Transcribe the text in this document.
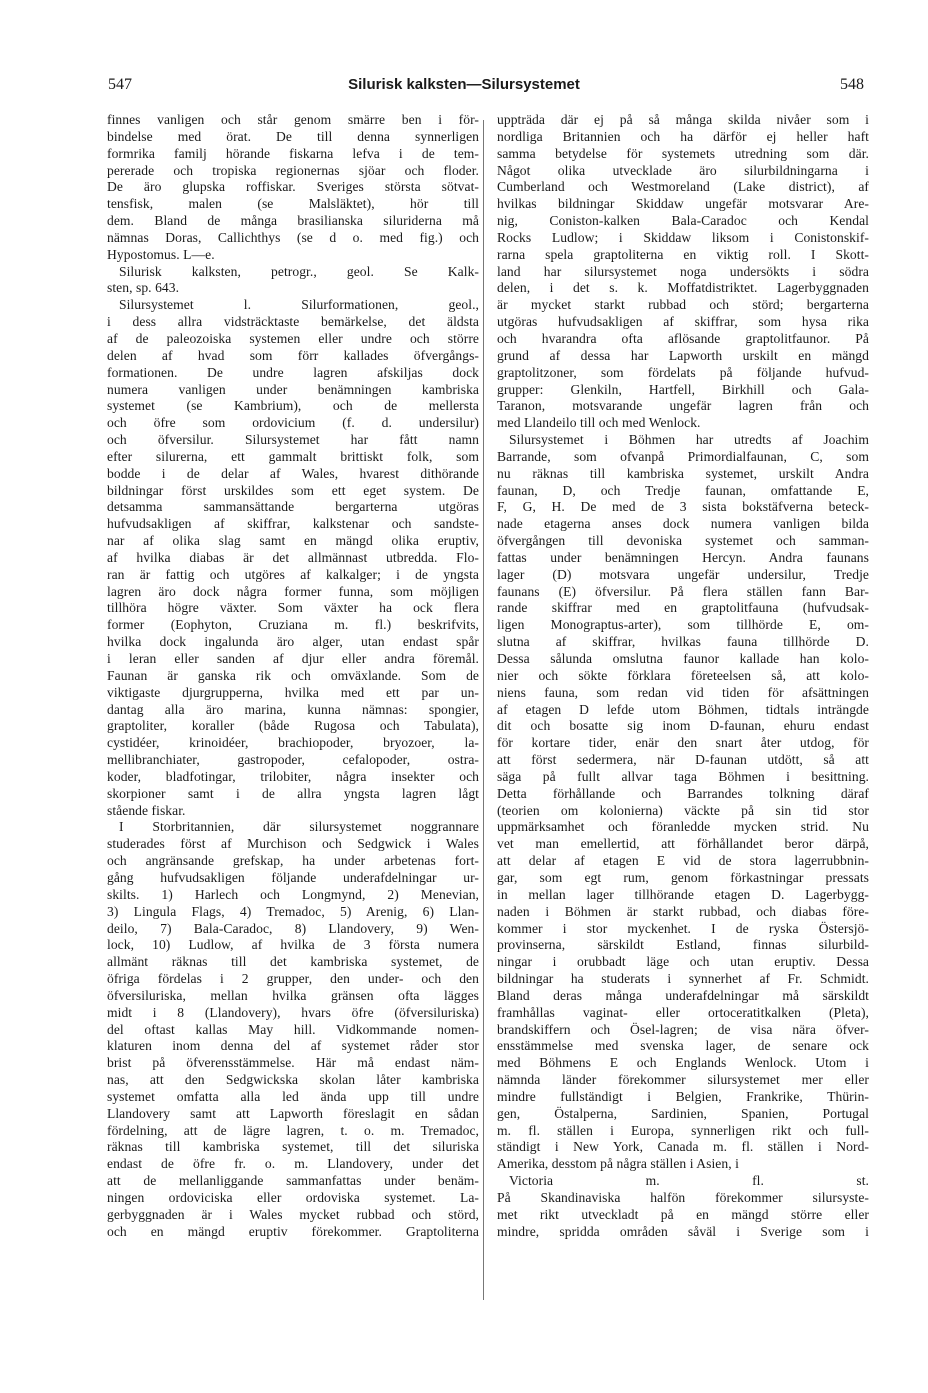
547	Silurisk kalksten—Silursystemet	548
finnes vanligen och står genom smärre ben i för-
bindelse med örat. De till denna synnerligen
formrika familj hörande fiskarna lefva i de tem-
pererade och tropiska regionernas sjöar och floder.
De äro glupska roffiskar. Sveriges största sötvat-
tensfisk, malen (se Malsläktet), hör till
dem. Bland de många brasilianska siluriderna må
nämnas Doras, Callichthys (se d o. med fig.) och
Hypostomus. L—e.
Silurisk kalksten, petrogr., geol. Se Kalk-
sten, sp. 643.
Silursystemet l. Silurformationen, geol.,
i dess allra vidsträcktaste bemärkelse, det äldsta
af de paleozoiska systemen eller undre och större
delen af hvad som förr kallades öfvergångs-
formationen. De undre lagren afskiljas dock
numera vanligen under benämningen kambriska
systemet (se Kambrium), och de mellersta
och öfre som ordovicium (f. d. undersilur)
och öfversilur. Silursystemet har fått namn
efter silurerna, ett gammalt brittiskt folk, som
bodde i de delar af Wales, hvarest dithörande
bildningar först urskildes som ett eget system. De
detsamma sammansättande bergarterna utgöras
hufvudsakligen af skiffrar, kalkstenar och sandste-
nar af olika slag samt en mängd olika eruptiv,
af hvilka diabas är det allmännast utbredda. Flo-
ran är fattig och utgöres af kalkalger; i de yngsta
lagren äro dock några former funna, som möjligen
tillhöra högre växter. Som växter ha ock flera
former (Eophyton, Cruziana m. fl.) beskrifvits,
hvilka dock ingalunda äro alger, utan endast spår
i leran eller sanden af djur eller andra föremål.
Faunan är ganska rik och omväxlande. Som de
viktigaste djurgrupperna, hvilka med ett par un-
dantag alla äro marina, kunna nämnas: spongier,
graptoliter, koraller (både Rugosa och Tabulata),
cystidéer, krinoidéer, brachiopoder, bryozoer, la-
mellibranchiater, gastropoder, cefalopoder, ostra-
koder, bladfotingar, trilobiter, några insekter och
skorpioner samt i de allra yngsta lagren lågt
stående fiskar.
I Storbritannien, där silursystemet noggrannare
studerades först af Murchison och Sedgwick i Wales
och angränsande grefskap, ha under arbetenas fort-
gång hufvudsakligen följande underafdelningar ur-
skilts. 1) Harlech och Longmynd, 2) Menevian,
3) Lingula Flags, 4) Tremadoc, 5) Arenig, 6) Llan-
deilo, 7) Bala-Caradoc, 8) Llandovery, 9) Wen-
lock, 10) Ludlow, af hvilka de 3 första numera
allmänt räknas till det kambriska systemet, de
öfriga fördelas i 2 grupper, den under- och den
öfversiluriska, mellan hvilka gränsen ofta lägges
midt i 8 (Llandovery), hvars öfre (öfversiluriska)
del oftast kallas May hill. Vidkommande nomen-
klaturen inom denna del af systemet råder stor
brist på öfverensstämmelse. Här må endast näm-
nas, att den Sedgwickska skolan låter kambriska
systemet omfatta alla led ända upp till undre
Llandovery samt att Lapworth föreslagit en sådan
fördelning, att de lägre lagren, t. o. m. Tremadoc,
räknas till kambriska systemet, till det siluriska
endast de öfre fr. o. m. Llandovery, under det
att de mellanliggande sammanfattas under benäm-
ningen ordoviciska eller ordoviska systemet. La-
gerbyggnaden är i Wales mycket rubbad och störd,
och en mängd eruptiv förekommer. Graptoliterna
uppträda där ej på så många skilda nivåer som i
nordliga Britannien och ha därför ej heller haft
samma betydelse för systemets utredning som där.
Något olika utvecklade äro silurbildningarna i
Cumberland och Westmoreland (Lake district), af
hvilkas bildningar Skiddaw ungefär motsvarar Are-
nig, Coniston-kalken Bala-Caradoc och Kendal
Rocks Ludlow; i Skiddaw liksom i Conistonskif-
rarna spela graptoliterna en viktig roll. I Skott-
land har silursystemet noga undersökts i södra
delen, i det s. k. Moffatdistriktet. Lagerbyggnaden
är mycket starkt rubbad och störd; bergarterna
utgöras hufvudsakligen af skiffrar, som hysa rika
och hvarandra ofta aflösande graptolitfaunor. På
grund af dessa har Lapworth urskilt en mängd
graptolitzoner, som fördelats på följande hufvud-
grupper: Glenkiln, Hartfell, Birkhill och Gala-
Taranon, motsvarande ungefär lagren från och
med Llandeilo till och med Wenlock.
Silursystemet i Böhmen har utredts af Joachim
Barrande, som ofvanpå Primordialfaunan, C, som
nu räknas till kambriska systemet, urskilt Andra
faunan, D, och Tredje faunan, omfattande E,
F, G, H. De med de 3 sista bokstäfverna beteck-
nade etagerna anses dock numera vanligen bilda
öfvergången till devoniska systemet och samman-
fattas under benämningen Hercyn. Andra faunans
lager (D) motsvara ungefär undersilur, Tredje
faunans (E) öfversilur. På flera ställen fann Bar-
rande skiffrar med en graptolitfauna (hufvudsak-
ligen Monograptus-arter), som tillhörde E, om-
slutna af skiffrar, hvilkas fauna tillhörde D.
Dessa sålunda omslutna faunor kallade han kolo-
nier och sökte förklara företeelsen så, att kolo-
niens fauna, som redan vid tiden för afsättningen
af etagen D lefde utom Böhmen, tidtals inträngde
dit och bosatte sig inom D-faunan, ehuru endast
för kortare tider, enär den snart åter utdog, för
att först sedermera, när D-faunan utdött, så att
säga på fullt allvar taga Böhmen i besittning.
Detta förhållande och Barrandes tolkning däraf
(teorien om kolonierna) väckte på sin tid stor
uppmärksamhet och föranledde mycken strid. Nu
vet man emellertid, att förhållandet beror därpå,
att delar af etagen E vid de stora lagerrubbnin-
gar, som egt rum, genom förkastningar pressats
in mellan lager tillhörande etagen D. Lagerbygg-
naden i Böhmen är starkt rubbad, och diabas före-
kommer i stor myckenhet. I de ryska Östersjö-
provinserna, särskildt Estland, finnas silurbild-
ningar i orubbadt läge och utan eruptiv. Dessa
bildningar ha studerats i synnerhet af Fr. Schmidt.
Bland deras många underafdelningar må särskildt
framhållas vaginat- eller ortoceratitkalken (Pleta),
brandskiffern och Ösel-lagren; de visa nära öfver-
ensstämmelse med svenska lager, de senare ock
med Böhmens E och Englands Wenlock. Utom i
nämnda länder förekommer silursystemet mer eller
mindre fullständigt i Belgien, Frankrike, Thürin-
gen, Östalperna, Sardinien, Spanien, Portugal
m. fl. ställen i Europa, synnerligen rikt och full-
ständigt i New York, Canada m. fl. ställen i Nord-
Amerika, desstom på några ställen i Asien, i
Victoria m. fl. st.
På Skandinaviska halfön förekommer silursyste-
met rikt utveckladt på en mängd större eller
mindre, spridda områden såväl i Sverige som i
